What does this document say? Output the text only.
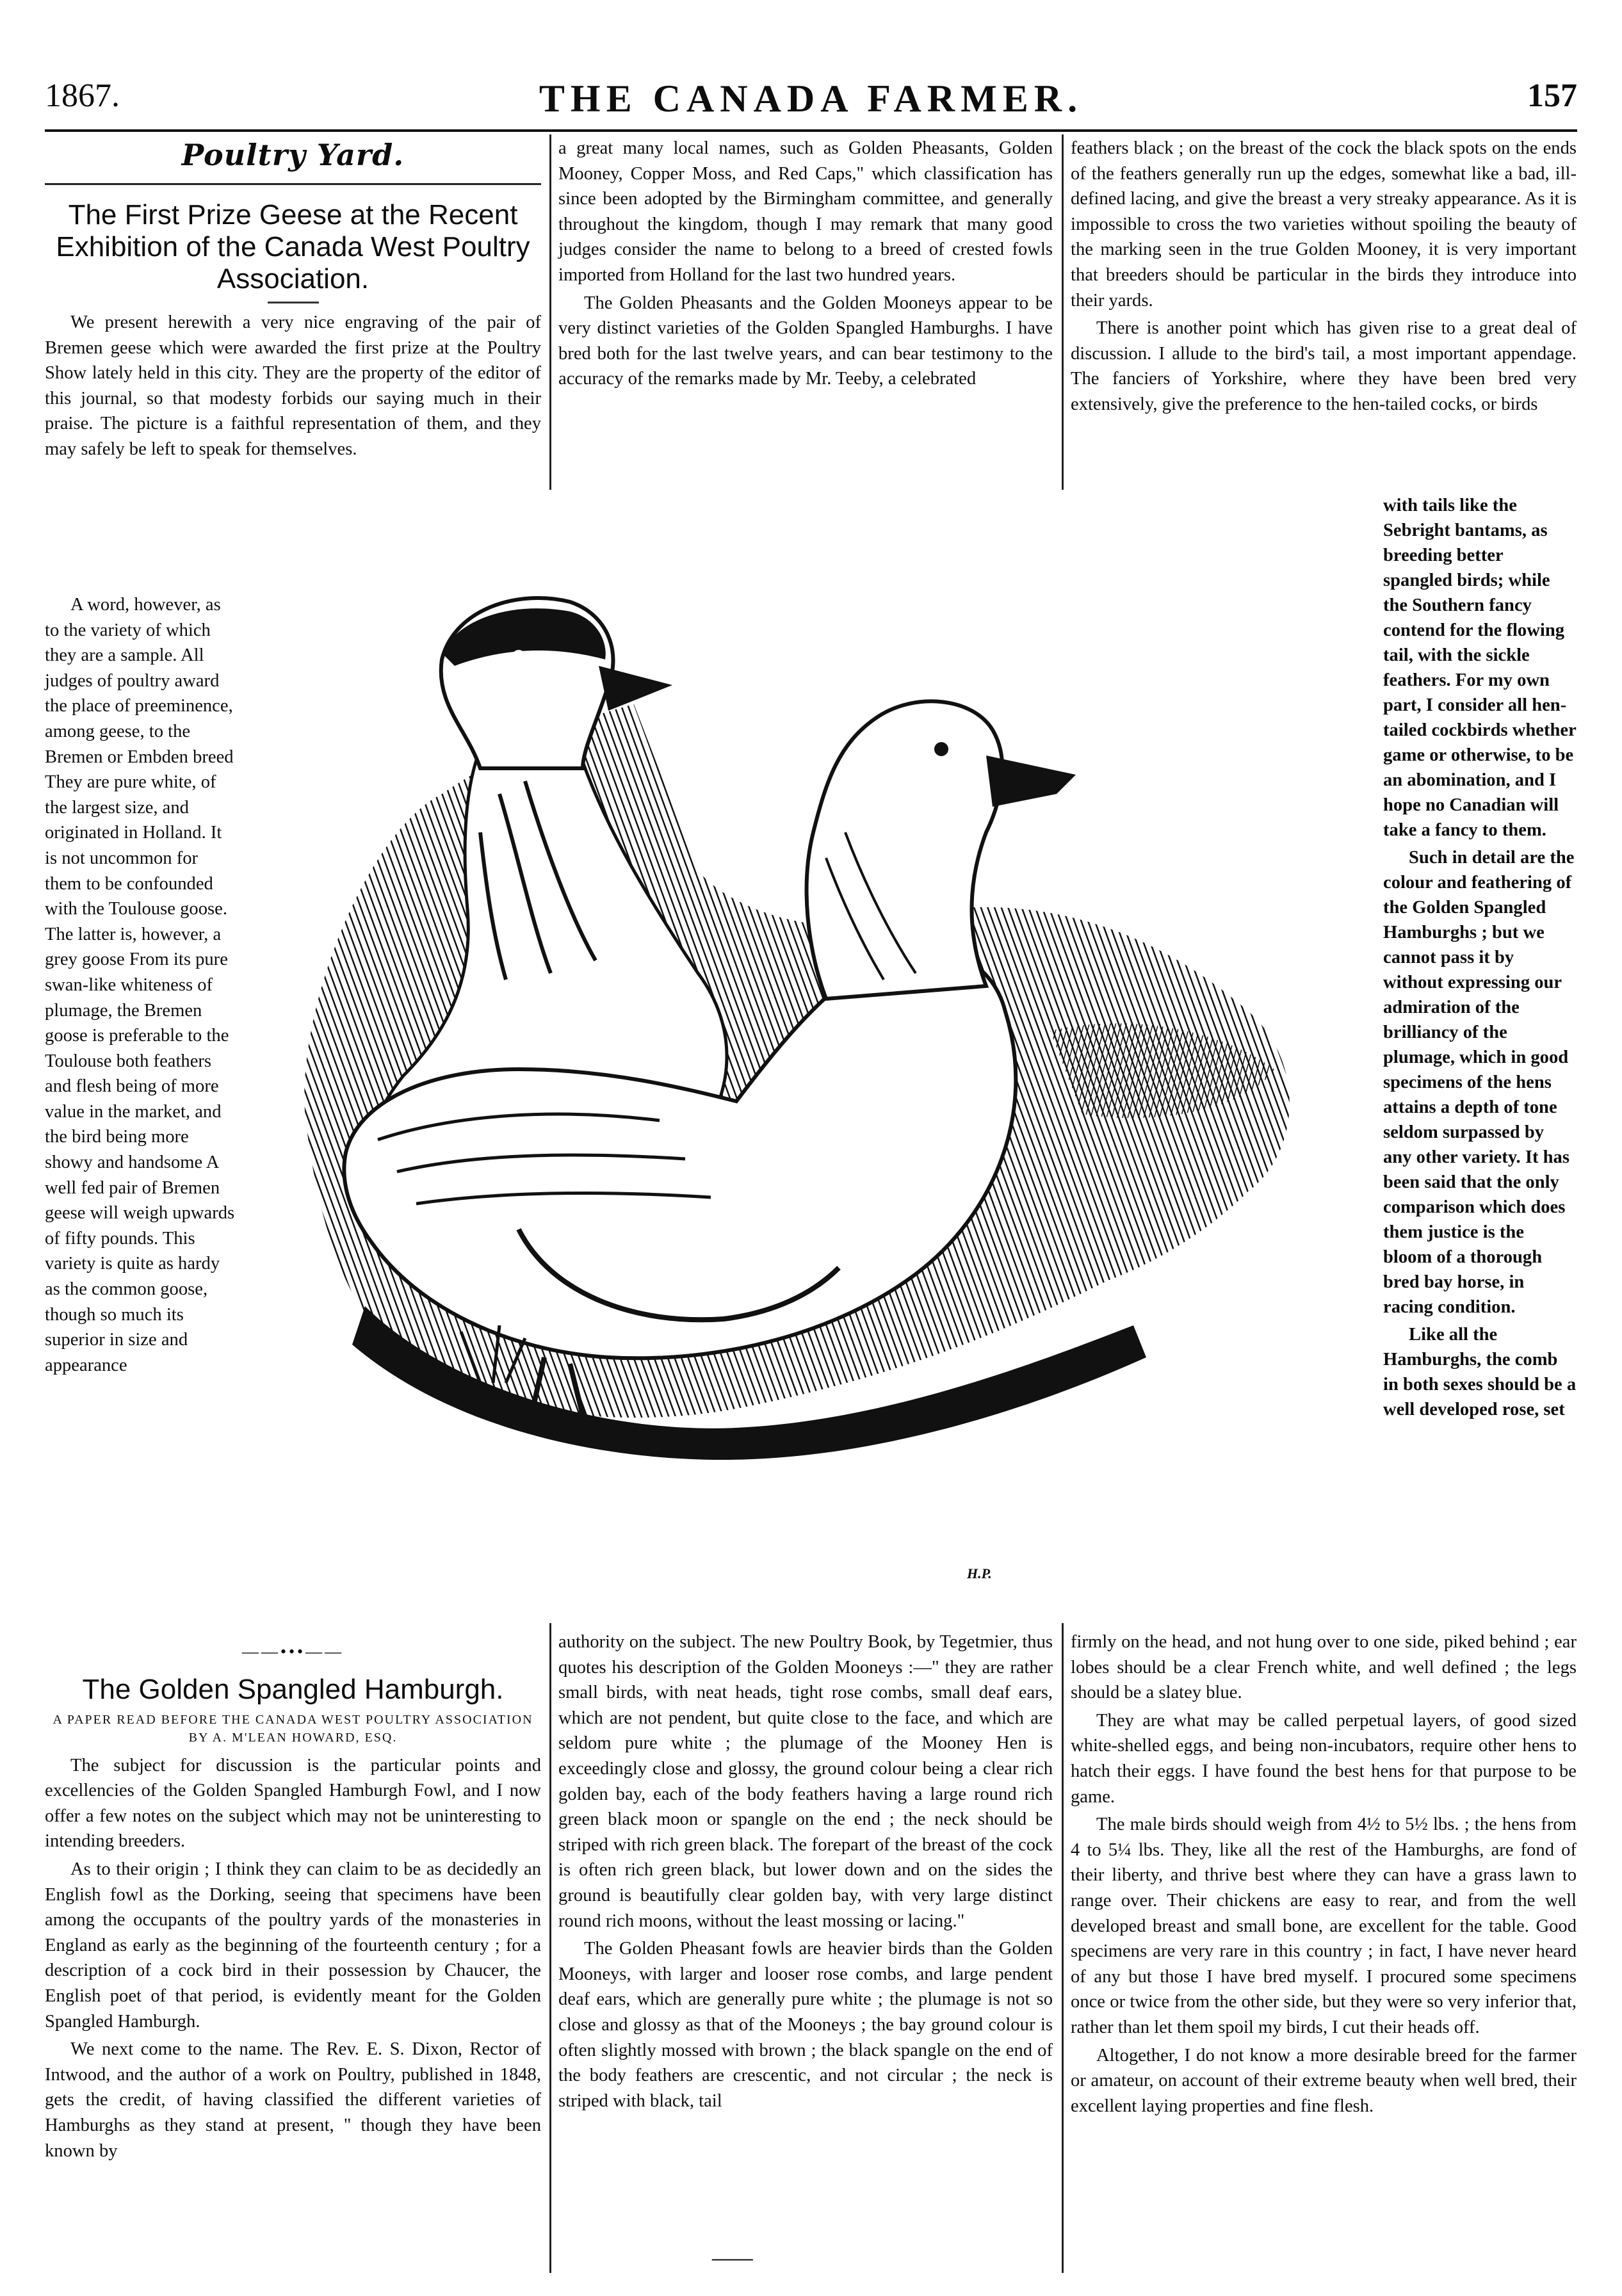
1867.	THE CANADA FARMER.	157
Poultry Yard.
The First Prize Geese at the Recent Exhibition of the Canada West Poultry Association.

We present herewith a very nice engraving of the pair of Bremen geese which were awarded the first prize at the Poultry Show lately held in this city. They are the property of the editor of this journal, so that modesty forbids our saying much in their praise. The picture is a faithful representation of them, and they may safely be left to speak for themselves.

A word, however, as to the variety of which they are a sample. All judges of poultry award the place of preeminence, among geese, to the Bremen or Embden breed They are pure white, of the largest size, and originated in Holland. It is not uncommon for them to be confounded with the Toulouse goose. The latter is, however, a grey goose From its pure swan-like whiteness of plumage, the Bremen goose is preferable to the Toulouse both feathers and flesh being of more value in the market, and the bird being more showy and handsome A well fed pair of Bremen geese will weigh upwards of fifty pounds. This variety is quite as hardy as the common goose, though so much its superior in size and appearance

a great many local names, such as Golden Pheasants, Golden Mooney, Copper Moss, and Red Caps," which classification has since been adopted by the Birmingham committee, and generally throughout the kingdom, though I may remark that many good judges consider the name to belong to a breed of crested fowls imported from Holland for the last two hundred years.

The Golden Pheasants and the Golden Mooneys appear to be very distinct varieties of the Golden Spangled Hamburghs. I have bred both for the last twelve years, and can bear testimony to the accuracy of the remarks made by Mr. Teeby, a celebrated

feathers black ; on the breast of the cock the black spots on the ends of the feathers generally run up the edges, somewhat like a bad, ill-defined lacing, and give the breast a very streaky appearance. As it is impossible to cross the two varieties without spoiling the beauty of the marking seen in the true Golden Mooney, it is very important that breeders should be particular in the birds they introduce into their yards.

There is another point which has given rise to a great deal of discussion. I allude to the bird's tail, a most important appendage. The fanciers of Yorkshire, where they have been bred very extensively, give the preference to the hen-tailed cocks, or birds

with tails like the Sebright bantams, as breeding better spangled birds; while the Southern fancy contend for the flowing tail, with the sickle feathers. For my own part, I consider all hen-tailed cockbirds whether game or otherwise, to be an abomination, and I hope no Canadian will take a fancy to them.

Such in detail are the colour and feathering of the Golden Spangled Hamburghs ; but we cannot pass it by without expressing our admiration of the brilliancy of the plumage, which in good specimens of the hens attains a depth of tone seldom surpassed by any other variety. It has been said that the only comparison which does them justice is the bloom of a thorough bred bay horse, in racing condition.

Like all the Hamburghs, the comb in both sexes should be a well developed rose, set

H.P.
——•••——
The Golden Spangled Hamburgh.
A PAPER READ BEFORE THE CANADA WEST POULTRY ASSOCIATION BY A. M'LEAN HOWARD, ESQ.

The subject for discussion is the particular points and excellencies of the Golden Spangled Hamburgh Fowl, and I now offer a few notes on the subject which may not be uninteresting to intending breeders.

As to their origin ; I think they can claim to be as decidedly an English fowl as the Dorking, seeing that specimens have been among the occupants of the poultry yards of the monasteries in England as early as the beginning of the fourteenth century ; for a description of a cock bird in their possession by Chaucer, the English poet of that period, is evidently meant for the Golden Spangled Hamburgh.

We next come to the name. The Rev. E. S. Dixon, Rector of Intwood, and the author of a work on Poultry, published in 1848, gets the credit, of having classified the different varieties of Hamburghs as they stand at present, " though they have been known by

authority on the subject. The new Poultry Book, by Tegetmier, thus quotes his description of the Golden Mooneys :—" they are rather small birds, with neat heads, tight rose combs, small deaf ears, which are not pendent, but quite close to the face, and which are seldom pure white ; the plumage of the Mooney Hen is exceedingly close and glossy, the ground colour being a clear rich golden bay, each of the body feathers having a large round rich green black moon or spangle on the end ; the neck should be striped with rich green black. The forepart of the breast of the cock is often rich green black, but lower down and on the sides the ground is beautifully clear golden bay, with very large distinct round rich moons, without the least mossing or lacing."

The Golden Pheasant fowls are heavier birds than the Golden Mooneys, with larger and looser rose combs, and large pendent deaf ears, which are generally pure white ; the plumage is not so close and glossy as that of the Mooneys ; the bay ground colour is often slightly mossed with brown ; the black spangle on the end of the body feathers are crescentic, and not circular ; the neck is striped with black, tail

firmly on the head, and not hung over to one side, piked behind ; ear lobes should be a clear French white, and well defined ; the legs should be a slatey blue.

They are what may be called perpetual layers, of good sized white-shelled eggs, and being non-incubators, require other hens to hatch their eggs. I have found the best hens for that purpose to be game.

The male birds should weigh from 4½ to 5½ lbs. ; the hens from 4 to 5¼ lbs. They, like all the rest of the Hamburghs, are fond of their liberty, and thrive best where they can have a grass lawn to range over. Their chickens are easy to rear, and from the well developed breast and small bone, are excellent for the table. Good specimens are very rare in this country ; in fact, I have never heard of any but those I have bred myself. I procured some specimens once or twice from the other side, but they were so very inferior that, rather than let them spoil my birds, I cut their heads off.

Altogether, I do not know a more desirable breed for the farmer or amateur, on account of their extreme beauty when well bred, their excellent laying properties and fine flesh.

⸺
